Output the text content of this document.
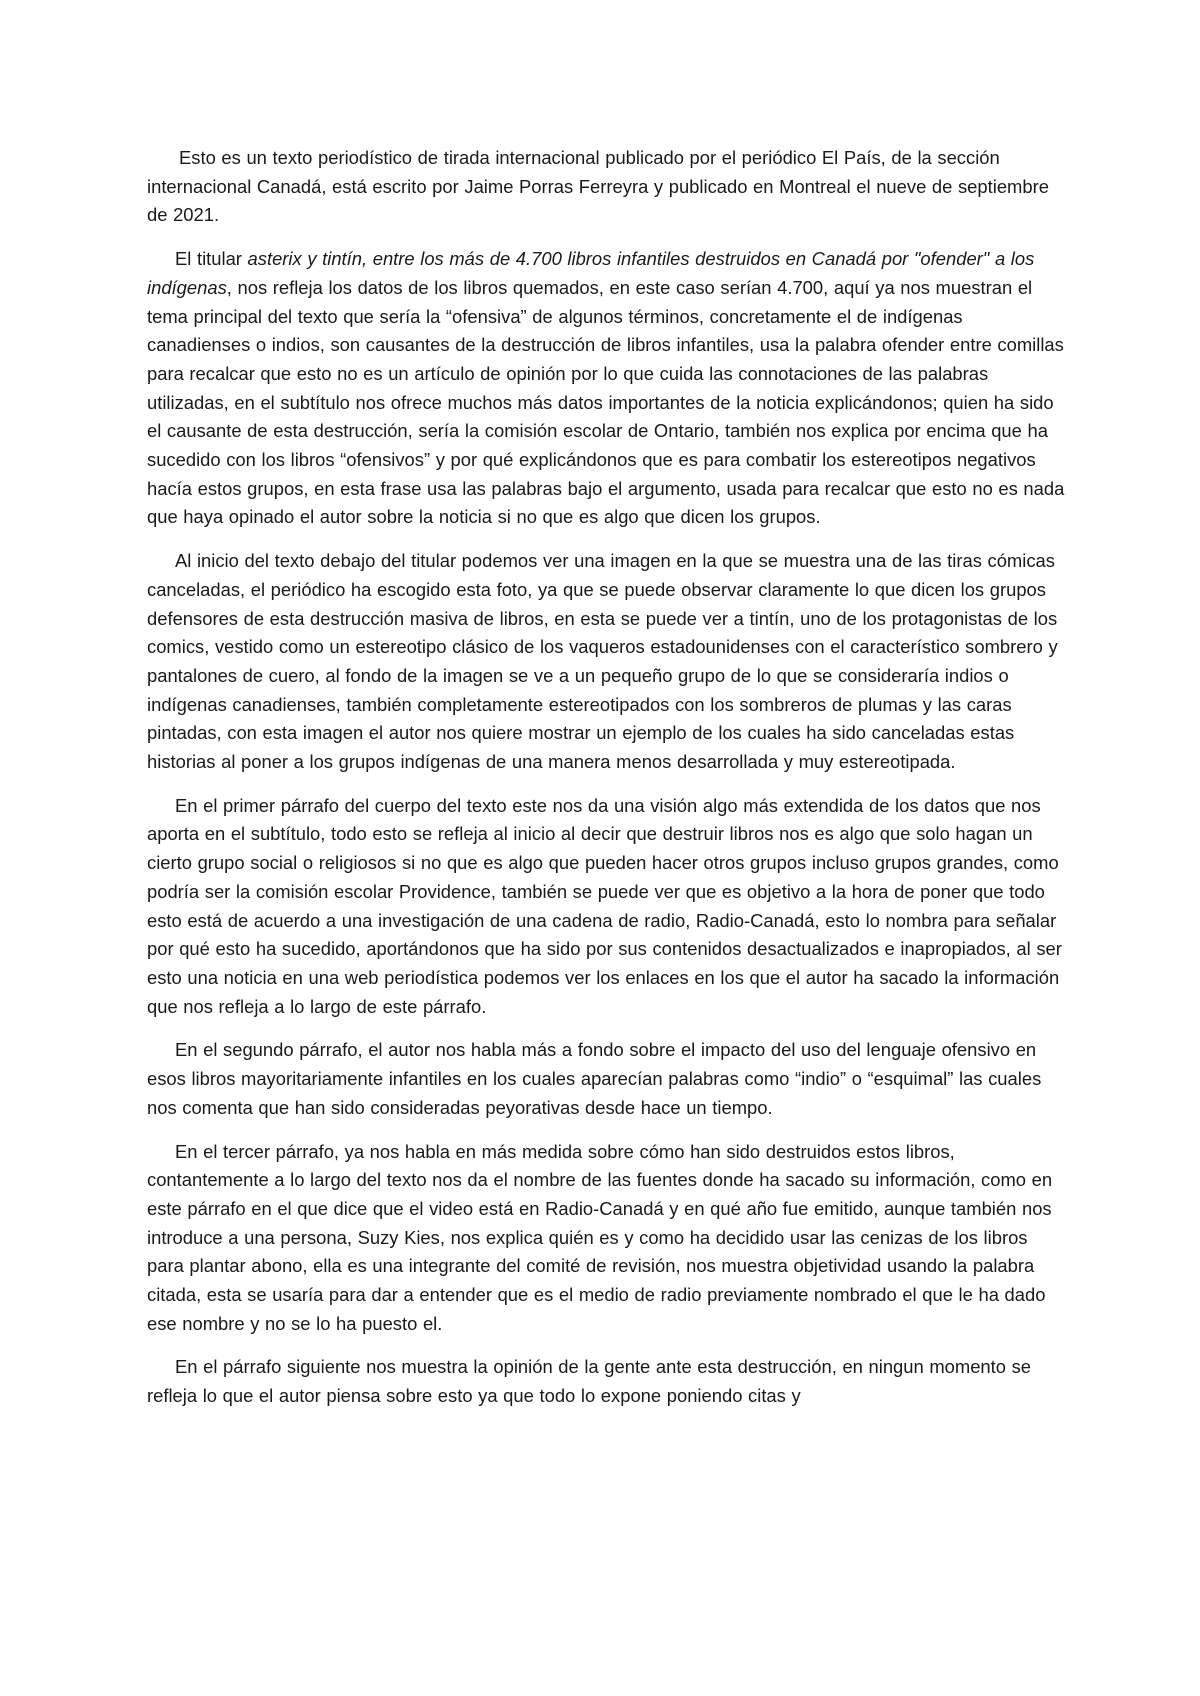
Esto es un texto periodístico de tirada internacional publicado por el periódico El País, de la sección internacional Canadá, está escrito por Jaime Porras Ferreyra y publicado en Montreal el nueve de septiembre de 2021.

El titular asterix y tintín, entre los más de 4.700 libros infantiles destruidos en Canadá por "ofender" a los indígenas, nos refleja los datos de los libros quemados, en este caso serían 4.700, aquí ya nos muestran el tema principal del texto que sería la “ofensiva” de algunos términos, concretamente el de indígenas canadienses o indios, son causantes de la destrucción de libros infantiles, usa la palabra ofender entre comillas para recalcar que esto no es un artículo de opinión por lo que cuida las connotaciones de las palabras utilizadas, en el subtítulo nos ofrece muchos más datos importantes de la noticia explicándonos; quien ha sido el causante de esta destrucción, sería la comisión escolar de Ontario, también nos explica por encima que ha sucedido con los libros “ofensivos” y por qué explicándonos que es para combatir los estereotipos negativos hacía estos grupos, en esta frase usa las palabras bajo el argumento, usada para recalcar que esto no es nada que haya opinado el autor sobre la noticia si no que es algo que dicen los grupos.

Al inicio del texto debajo del titular podemos ver una imagen en la que se muestra una de las tiras cómicas canceladas, el periódico ha escogido esta foto, ya que se puede observar claramente lo que dicen los grupos defensores de esta destrucción masiva de libros, en esta se puede ver a tintín, uno de los protagonistas de los comics, vestido como un estereotipo clásico de los vaqueros estadounidenses con el característico sombrero y pantalones de cuero, al fondo de la imagen se ve a un pequeño grupo de lo que se consideraría indios o indígenas canadienses, también completamente estereotipados con los sombreros de plumas y las caras pintadas, con esta imagen el autor nos quiere mostrar un ejemplo de los cuales ha sido canceladas estas historias al poner a los grupos indígenas de una manera menos desarrollada y muy estereotipada.

En el primer párrafo del cuerpo del texto este nos da una visión algo más extendida de los datos que nos aporta en el subtítulo, todo esto se refleja al inicio al decir que destruir libros nos es algo que solo hagan un cierto grupo social o religiosos si no que es algo que pueden hacer otros grupos incluso grupos grandes, como podría ser la comisión escolar Providence, también se puede ver que es objetivo a la hora de poner que todo esto está de acuerdo a una investigación de una cadena de radio, Radio-Canadá, esto lo nombra para señalar por qué esto ha sucedido, aportándonos que ha sido por sus contenidos desactualizados e inapropiados, al ser esto una noticia en una web periodística podemos ver los enlaces en los que el autor ha sacado la información que nos refleja a lo largo de este párrafo.

En el segundo párrafo, el autor nos habla más a fondo sobre el impacto del uso del lenguaje ofensivo en esos libros mayoritariamente infantiles en los cuales aparecían palabras como “indio” o “esquimal” las cuales nos comenta que han sido consideradas peyorativas desde hace un tiempo.

En el tercer párrafo, ya nos habla en más medida sobre cómo han sido destruidos estos libros, contantemente a lo largo del texto nos da el nombre de las fuentes donde ha sacado su información, como en este párrafo en el que dice que el video está en Radio-Canadá y en qué año fue emitido, aunque también nos introduce a una persona, Suzy Kies, nos explica quién es y como ha decidido usar las cenizas de los libros para plantar abono, ella es una integrante del comité de revisión, nos muestra objetividad usando la palabra citada, esta se usaría para dar a entender que es el medio de radio previamente nombrado el que le ha dado ese nombre y no se lo ha puesto el.

En el párrafo siguiente nos muestra la opinión de la gente ante esta destrucción, en ningun momento se refleja lo que el autor piensa sobre esto ya que todo lo expone poniendo citas y
